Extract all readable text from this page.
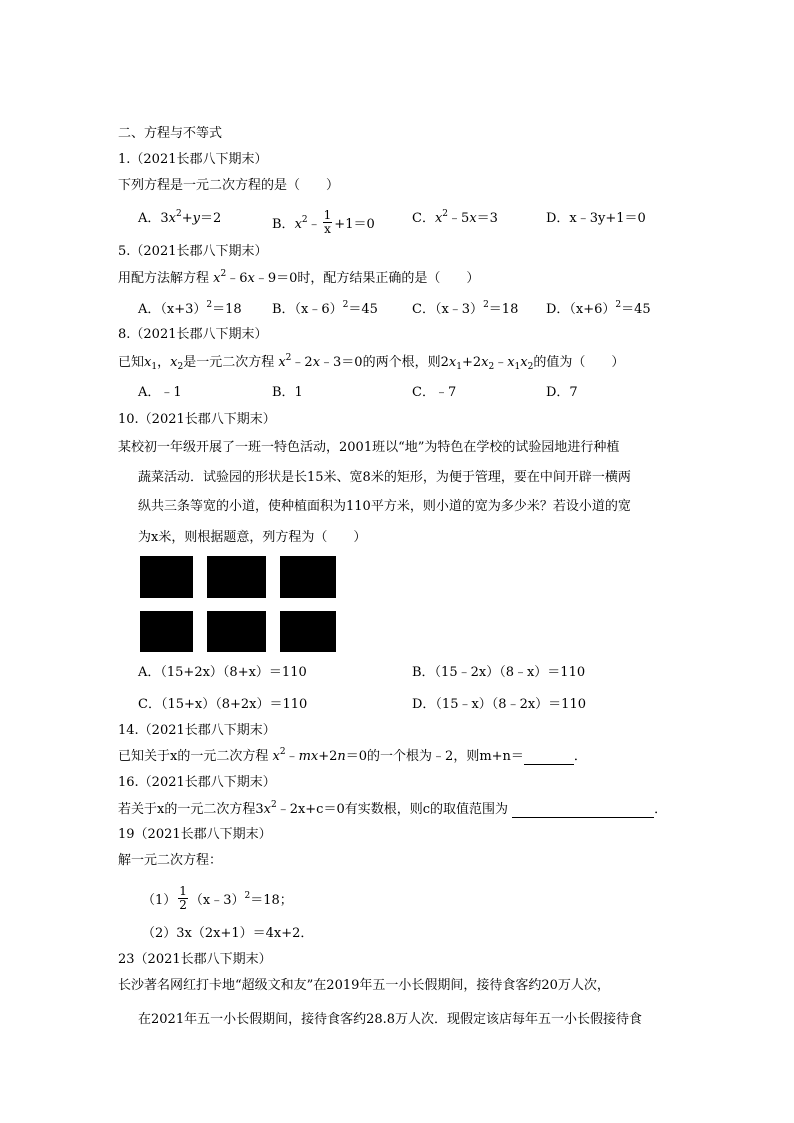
二、方程与不等式
1.（2021长郡八下期末）
下列方程是一元二次方程的是（　　）
A．$3x^2+y=2$	B．$x^2﹣ \frac{1}{x} +1=0$	C．$x^2﹣5x=3$	D．x﹣3y+1＝0
5.（2021长郡八下期末）
用配方法解方程 $x^2﹣6x﹣9=0$时，配方结果正确的是（　　）
A．$(x+3)^2=18$ B．（x﹣6）$^2$＝45	C．（x﹣3）$^2$＝18 D．$(x+6)^2=45$
8.（2021长郡八下期末）
已知$x_1$，$x_2$是一元二次方程 $x^2﹣2x﹣3=0$的两个根，则$2x_1+2x_2﹣x_1x_2$的值为（　　）
A．﹣1	B．1	C．﹣7	D．7
10.（2021长郡八下期末）
某校初一年级开展了一班一特色活动，2001班以“地”为特色在学校的试验园地进行种植
蔬菜活动．试验园的形状是长15米、宽8米的矩形，为便于管理，要在中间开辟一横两
纵共三条等宽的小道，使种植面积为110平方米，则小道的宽为多少米？若设小道的宽
为x米，则根据题意，列方程为（　　）
A．（15+2x）（8+x）＝110	B．（15﹣2x）（8﹣x）＝110
C．（15+x）（8+2x）＝110	D．（15﹣x）（8﹣2x）＝110
14.（2021长郡八下期末）
已知关于x的一元二次方程 $x^2﹣mx+2n=0$的一个根为﹣2，则m+n＝	．
16.（2021长郡八下期末）
若关于x的一元二次方程$3x^2﹣2x+c=0$有实数根，则c的取值范围为	．
19（2021长郡八下期末）
解一元二次方程：
$(1) \frac{1}{2}$ （x﹣3）$^2$＝18；
（2）3x（2x+1）＝4x+2．
23（2021长郡八下期末）
长沙著名网红打卡地“超级文和友”在2019年五一小长假期间，接待食客约20万人次，
在2021年五一小长假期间，接待食客约28.8万人次．现假定该店每年五一小长假接待食
